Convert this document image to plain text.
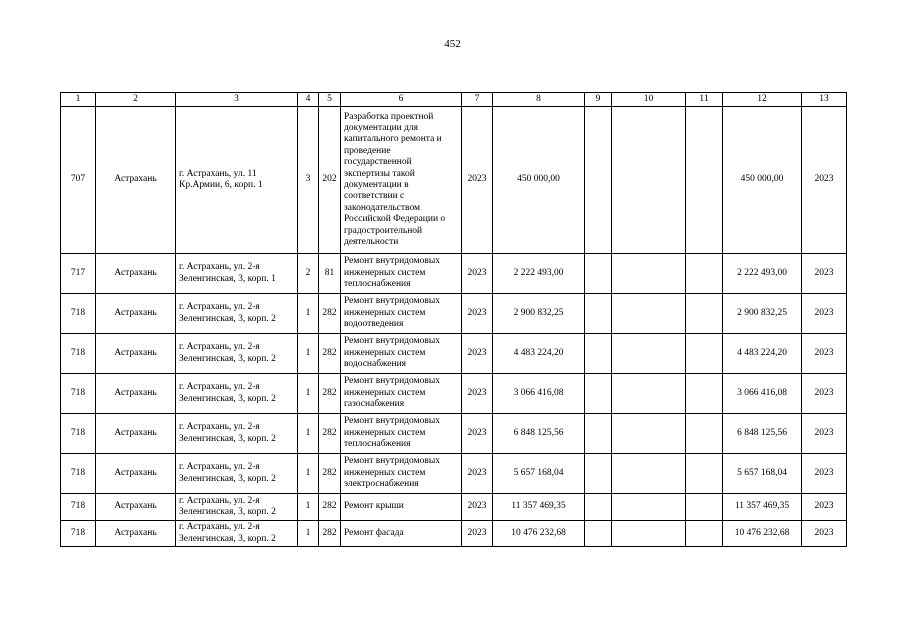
452
1	2	3	4	5	6	7	8	9	10	11	12	13
707	Астрахань	г. Астрахань, ул. 11 Кр.Армии, 6, корп. 1	3	202	Разработка проектной документации для капитального ремонта и проведение государственной экспертизы такой документации в соответствии с законодательством Российской Федерации о градостроительной деятельности	2023	450 000,00				450 000,00	2023
717	Астрахань	г. Астрахань, ул. 2-я Зеленгинская, 3, корп. 1	2	81	Ремонт внутридомовых инженерных систем теплоснабжения	2023	2 222 493,00				2 222 493,00	2023
718	Астрахань	г. Астрахань, ул. 2-я Зеленгинская, 3, корп. 2	1	282	Ремонт внутридомовых инженерных систем водоотведения	2023	2 900 832,25				2 900 832,25	2023
718	Астрахань	г. Астрахань, ул. 2-я Зеленгинская, 3, корп. 2	1	282	Ремонт внутридомовых инженерных систем водоснабжения	2023	4 483 224,20				4 483 224,20	2023
718	Астрахань	г. Астрахань, ул. 2-я Зеленгинская, 3, корп. 2	1	282	Ремонт внутридомовых инженерных систем газоснабжения	2023	3 066 416,08				3 066 416,08	2023
718	Астрахань	г. Астрахань, ул. 2-я Зеленгинская, 3, корп. 2	1	282	Ремонт внутридомовых инженерных систем теплоснабжения	2023	6 848 125,56				6 848 125,56	2023
718	Астрахань	г. Астрахань, ул. 2-я Зеленгинская, 3, корп. 2	1	282	Ремонт внутридомовых инженерных систем электроснабжения	2023	5 657 168,04				5 657 168,04	2023
718	Астрахань	г. Астрахань, ул. 2-я Зеленгинская, 3, корп. 2	1	282	Ремонт крыши	2023	11 357 469,35				11 357 469,35	2023
718	Астрахань	г. Астрахань, ул. 2-я Зеленгинская, 3, корп. 2	1	282	Ремонт фасада	2023	10 476 232,68				10 476 232,68	2023
